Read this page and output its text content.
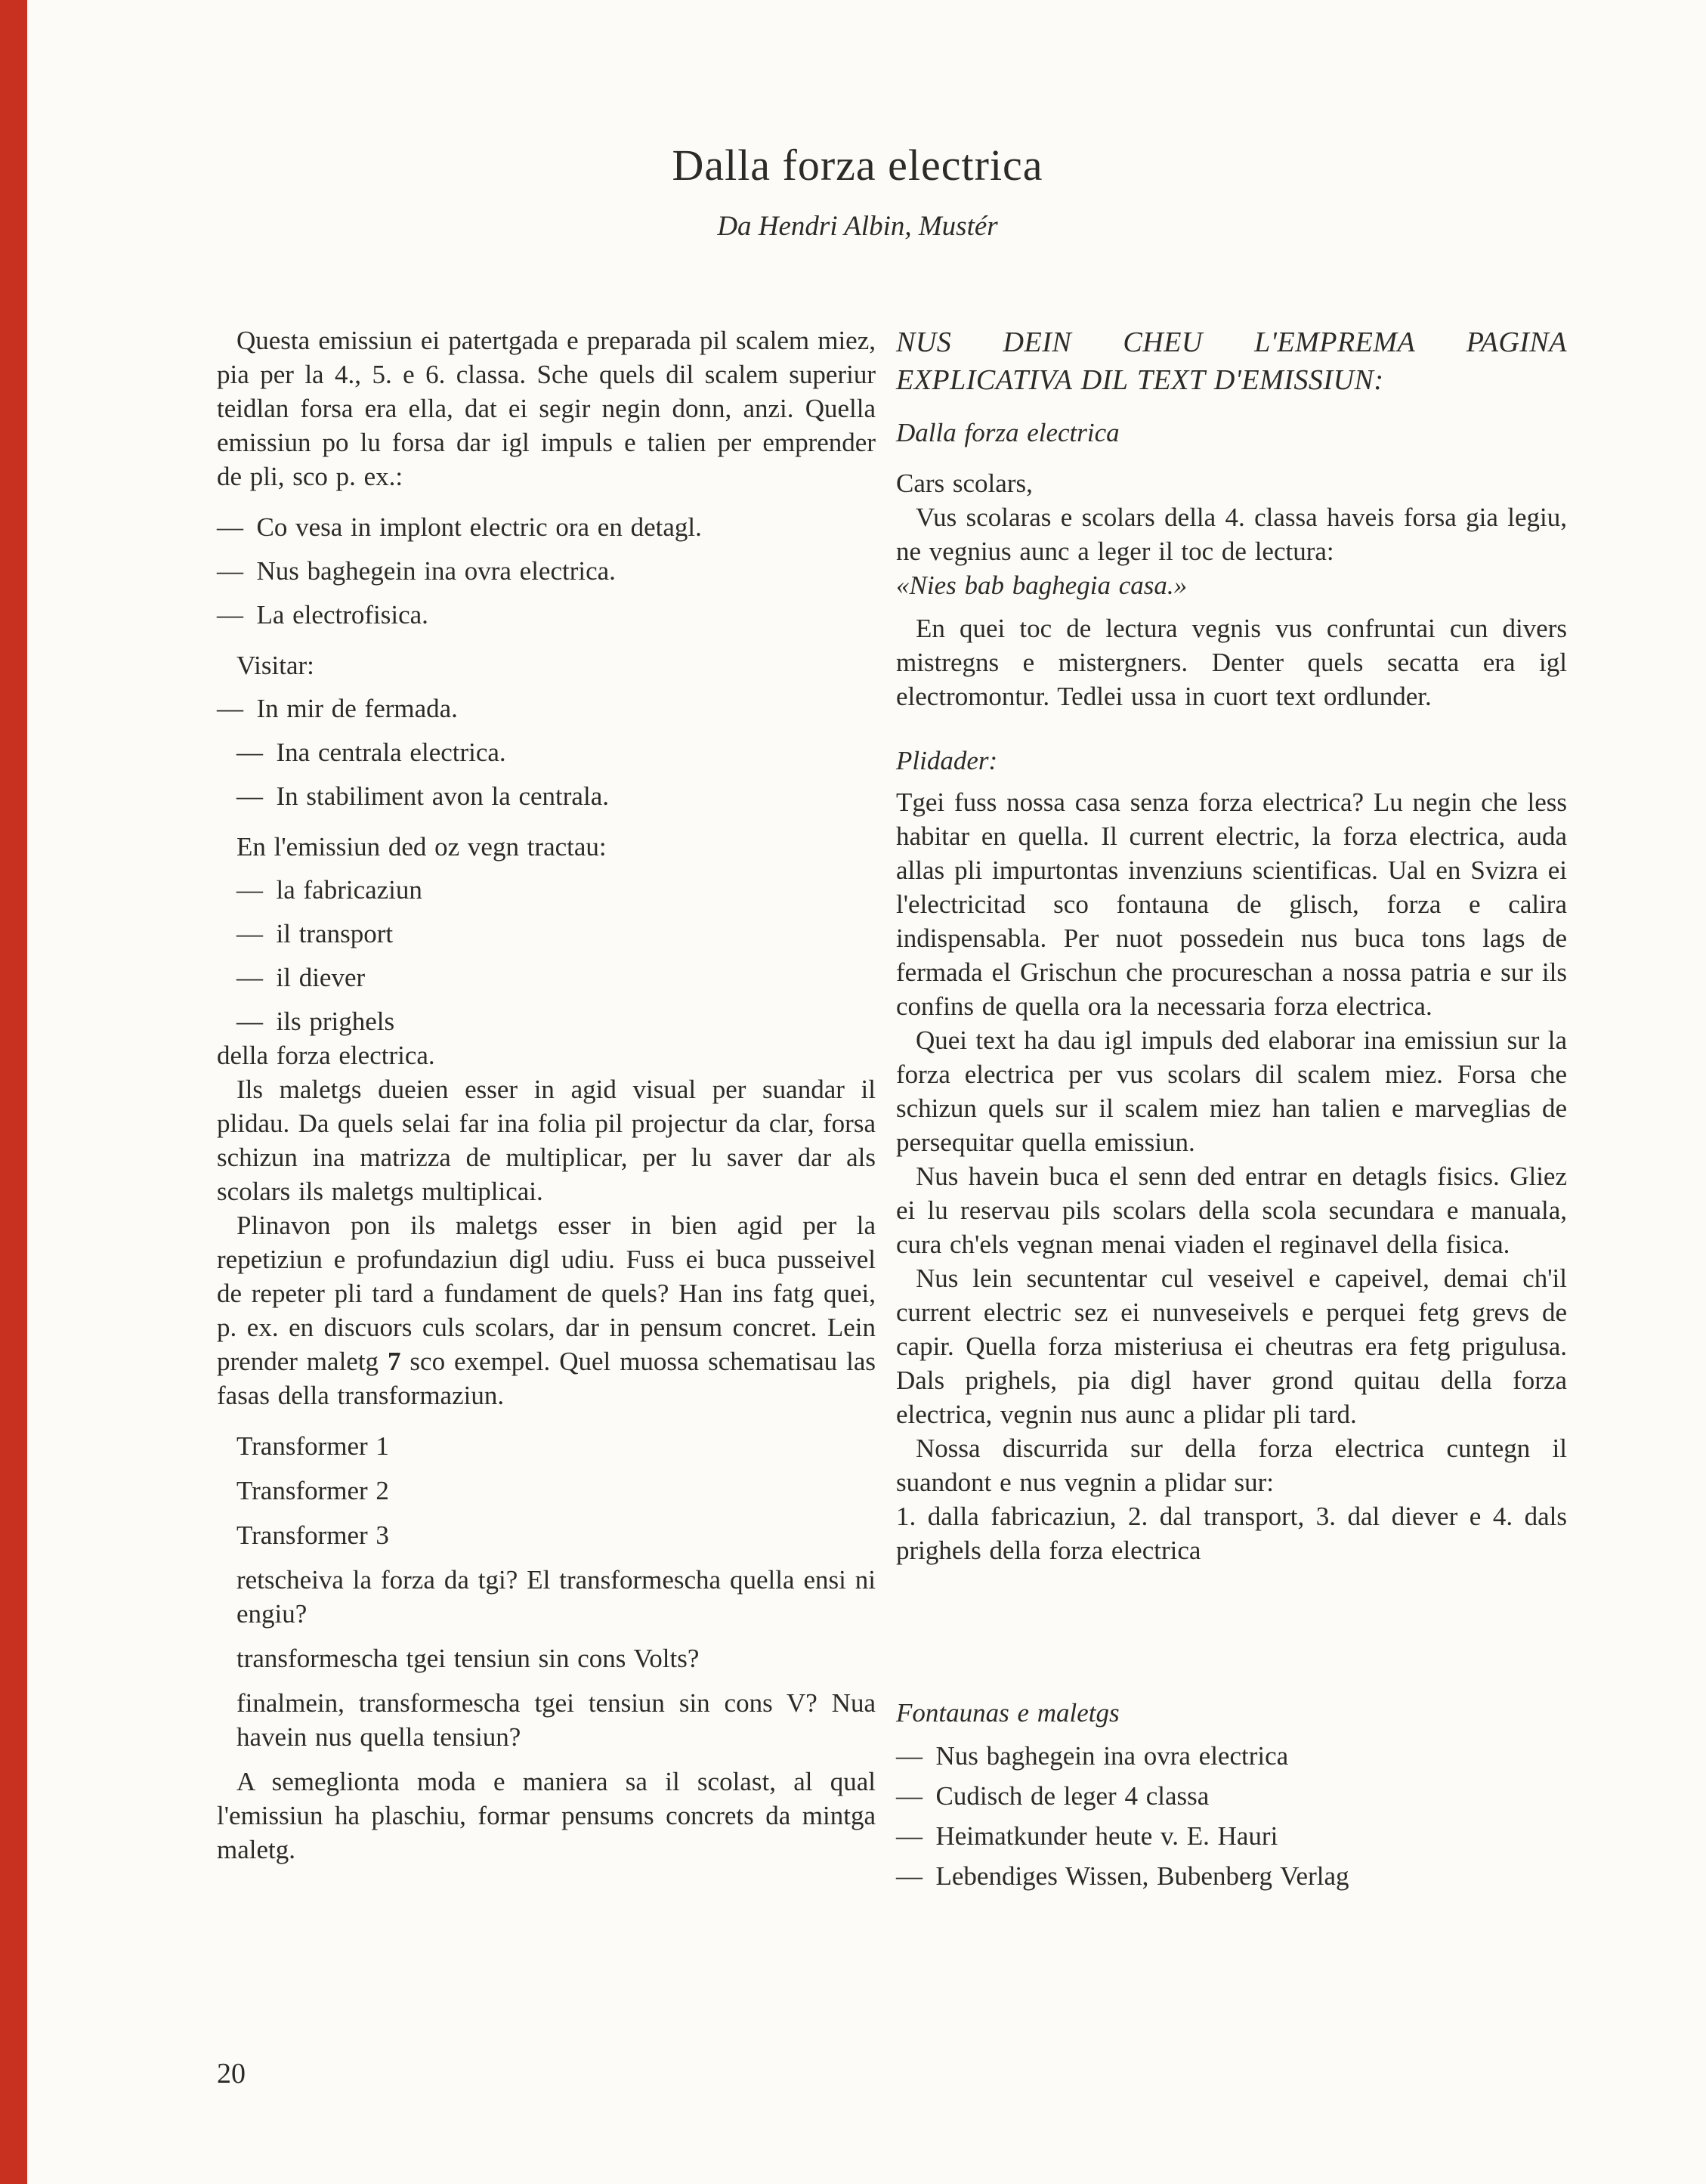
Dalla forza electrica
Da Hendri Albin, Mustér

Questa emissiun ei patertgada e preparada pil scalem miez, pia per la 4., 5. e 6. classa. Sche quels dil scalem superiur teidlan forsa era ella, dat ei segir negin donn, anzi. Quella emissiun po lu forsa dar igl impuls e talien per emprender de pli, sco p. ex.:

— Co vesa in implont electric ora en detagl.

— Nus baghegein ina ovra electrica.

— La electrofisica.

Visitar:

— In mir de fermada.

— Ina centrala electrica.

— In stabiliment avon la centrala.

En l'emissiun ded oz vegn tractau:

— la fabricaziun

— il transport

— il diever

— ils prighels

della forza electrica.

Ils maletgs dueien esser in agid visual per suandar il plidau. Da quels selai far ina folia pil projectur da clar, forsa schizun ina matrizza de multiplicar, per lu saver dar als scolars ils maletgs multiplicai.

Plinavon pon ils maletgs esser in bien agid per la repetiziun e profundaziun digl udiu. Fuss ei buca pusseivel de repeter pli tard a fundament de quels? Han ins fatg quei, p. ex. en discuors culs scolars, dar in pensum concret. Lein prender maletg 7 sco exempel. Quel muossa schematisau las fasas della transformaziun.

Transformer 1

Transformer 2

Transformer 3

retscheiva la forza da tgi? El transformescha quella ensi ni engiu?

transformescha tgei tensiun sin cons Volts?

finalmein, transformescha tgei tensiun sin cons V? Nua havein nus quella tensiun?

A semeglionta moda e maniera sa il scolast, al qual l'emissiun ha plaschiu, formar pensums concrets da mintga maletg.

NUS DEIN CHEU L'EMPREMA PAGINA EXPLICATIVA DIL TEXT D'EMISSIUN:

Dalla forza electrica

Cars scolars,

Vus scolaras e scolars della 4. classa haveis forsa gia legiu, ne vegnius aunc a leger il toc de lectura:

«Nies bab baghegia casa.»

En quei toc de lectura vegnis vus confruntai cun divers mistregns e mistergners. Denter quels secatta era igl electromontur. Tedlei ussa in cuort text ordlunder.

Plidader:

Tgei fuss nossa casa senza forza electrica? Lu negin che less habitar en quella. Il current electric, la forza electrica, auda allas pli impurtontas invenziuns scientificas. Ual en Svizra ei l'electricitad sco fontauna de glisch, forza e calira indispensabla. Per nuot possedein nus buca tons lags de fermada el Grischun che procureschan a nossa patria e sur ils confins de quella ora la necessaria forza electrica.

Quei text ha dau igl impuls ded elaborar ina emissiun sur la forza electrica per vus scolars dil scalem miez. Forsa che schizun quels sur il scalem miez han talien e marveglias de persequitar quella emissiun.

Nus havein buca el senn ded entrar en detagls fisics. Gliez ei lu reservau pils scolars della scola secundara e manuala, cura ch'els vegnan menai viaden el reginavel della fisica.

Nus lein secuntentar cul veseivel e capeivel, demai ch'il current electric sez ei nunveseivels e perquei fetg grevs de capir. Quella forza misteriusa ei cheutras era fetg prigulusa. Dals prighels, pia digl haver grond quitau della forza electrica, vegnin nus aunc a plidar pli tard.

Nossa discurrida sur della forza electrica cuntegn il suandont e nus vegnin a plidar sur:

1. dalla fabricaziun, 2. dal transport, 3. dal diever e 4. dals prighels della forza electrica

Fontaunas e maletgs

— Nus baghegein ina ovra electrica

— Cudisch de leger 4 classa

— Heimatkunder heute v. E. Hauri

— Lebendiges Wissen, Bubenberg Verlag

20
